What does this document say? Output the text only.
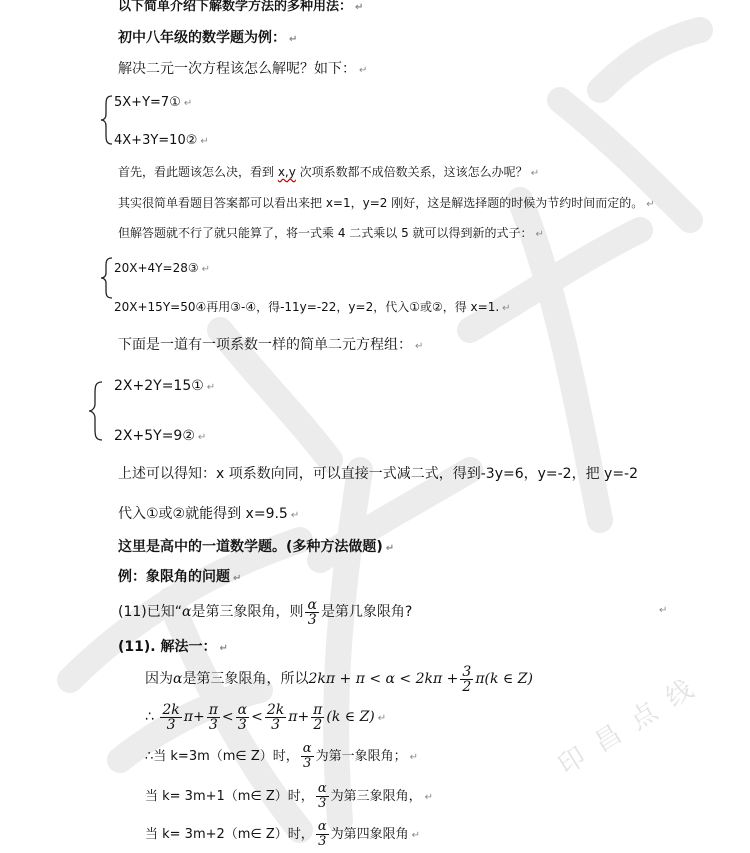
印 昌 点 线
以下简单介绍下解数学方法的多种用法： ↵
初中八年级的数学题为例： ↵
解决二元一次方程该怎么解呢？如下： ↵
5X+Y=7① ↵
4X+3Y=10② ↵
首先，看此题该怎么决，看到 x,y 次项系数都不成倍数关系，这该怎么办呢？ ↵
其实很简单看题目答案都可以看出来把 x=1，y=2 刚好，这是解选择题的时候为节约时间而定的。 ↵
但解答题就不行了就只能算了，将一式乘 4 二式乘以 5 就可以得到新的式子： ↵
20X+4Y=28③ ↵
20X+15Y=50④再用③-④，得-11y=-22，y=2，代入①或②，得 x=1. ↵
下面是一道有一项系数一样的简单二元方程组： ↵
2X+2Y=15① ↵
2X+5Y=9② ↵
上述可以得知：x 项系数向同，可以直接一式减二式，得到-3y=6，y=-2，把 y=-2
代入①或②就能得到 x=9.5 ↵
这里是高中的一道数学题。(多种方法做题) ↵
例：象限角的问题 ↵
(11)已知“α是第三象限角，则 $\frac{\alpha}{3}$ 是第几象限角?	↵
(11). 解法一： ↵
因为α是第三象限角，所以$2k\pi + \pi < \alpha < 2k\pi + \frac{3}{2} \pi(k$ ∈ Z)
∴ $\frac{2k}{3} \pi+ \frac{\pi}{3} < \frac{\alpha}{3} < \frac{2k}{3} \pi+ \frac{\pi}{2} (k$ ∈ Z) ↵
∴当 k=3m（m∈ Z）时， $\frac{\alpha}{3}$ 为第一象限角； ↵
当 k= 3m+1（m∈ Z）时， $\frac{\alpha}{3}$ 为第三象限角， ↵
当 k= 3m+2（m∈ Z）时， $\frac{\alpha}{3}$ 为第四象限角 ↵
